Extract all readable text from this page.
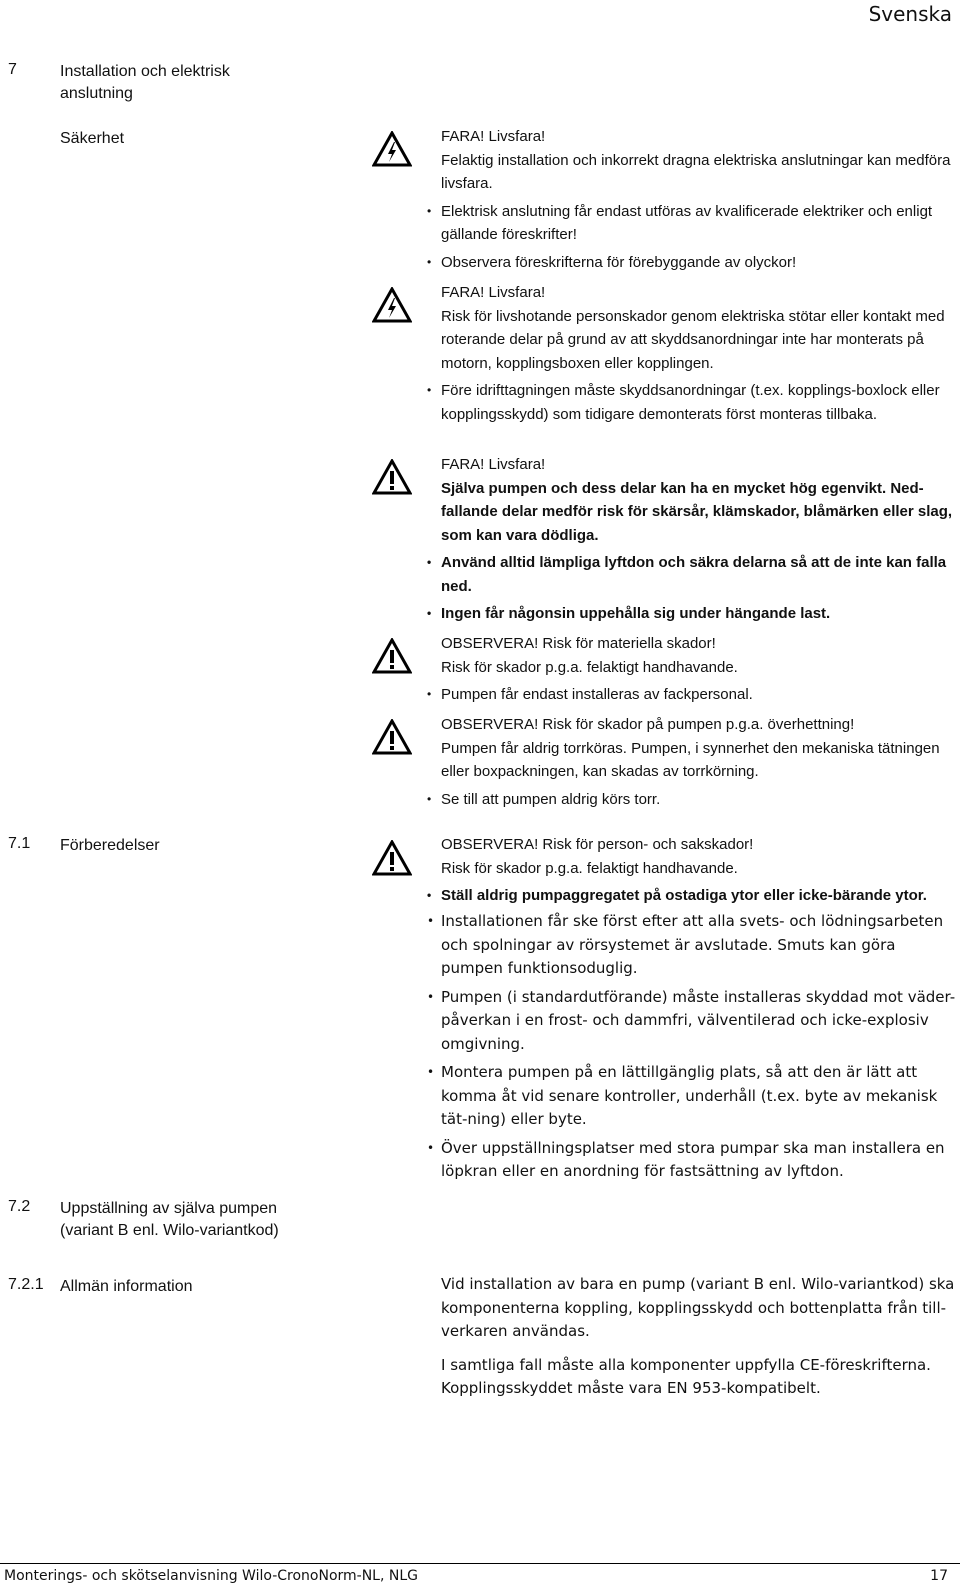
Svenska
7	Installation och elektrisk anslutning
Säkerhet	FARA! Livsfara!

Felaktig installation och inkorrekt dragna elektriska anslutningar kan medföra livsfara.

• Elektrisk anslutning får endast utföras av kvalificerade elektriker och enligt gällande föreskrifter!
• Observera föreskrifterna för förebyggande av olyckor!

FARA! Livsfara!

Risk för livshotande personskador genom elektriska stötar eller kontakt med roterande delar på grund av att skyddsanordningar inte har monterats på motorn, kopplingsboxen eller kopplingen.

• Före idrifttagningen måste skyddsanordningar (t.ex. kopplings-boxlock eller kopplingsskydd) som tidigare demonterats först monteras tillbaka.

FARA! Livsfara!

Själva pumpen och dess delar kan ha en mycket hög egenvikt. Ned-fallande delar medför risk för skärsår, klämskador, blåmärken eller slag, som kan vara dödliga.

• Använd alltid lämpliga lyftdon och säkra delarna så att de inte kan falla ned.
• Ingen får någonsin uppehålla sig under hängande last.

OBSERVERA! Risk för materiella skador!

Risk för skador p.g.a. felaktigt handhavande.

• Pumpen får endast installeras av fackpersonal.

OBSERVERA! Risk för skador på pumpen p.g.a. överhettning!

Pumpen får aldrig torrköras. Pumpen, i synnerhet den mekaniska tätningen eller boxpackningen, kan skadas av torrkörning.

• Se till att pumpen aldrig körs torr.
7.1 Förberedelser	OBSERVERA! Risk för person- och sakskador!

Risk för skador p.g.a. felaktigt handhavande.

• Ställ aldrig pumpaggregatet på ostadiga ytor eller icke-bärande ytor.
• Installationen får ske först efter att alla svets- och lödningsarbeten och spolningar av rörsystemet är avslutade. Smuts kan göra pumpen funktionsoduglig.
• Pumpen (i standardutförande) måste installeras skyddad mot väder-påverkan i en frost- och dammfri, välventilerad och icke-explosiv omgivning.
• Montera pumpen på en lättillgänglig plats, så att den är lätt att komma åt vid senare kontroller, underhåll (t.ex. byte av mekanisk tät-ning) eller byte.
• Över uppställningsplatser med stora pumpar ska man installera en löpkran eller en anordning för fastsättning av lyftdon.
7.2 Uppställning av själva pumpen (variant B enl. Wilo-variantkod)
7.2.1 Allmän information	Vid installation av bara en pump (variant B enl. Wilo-variantkod) ska komponenterna koppling, kopplingsskydd och bottenplatta från till-verkaren användas.

I samtliga fall måste alla komponenter uppfylla CE-föreskrifterna. Kopplingsskyddet måste vara EN 953-kompatibelt.

Monterings- och skötselanvisning Wilo-CronoNorm-NL, NLG	17
